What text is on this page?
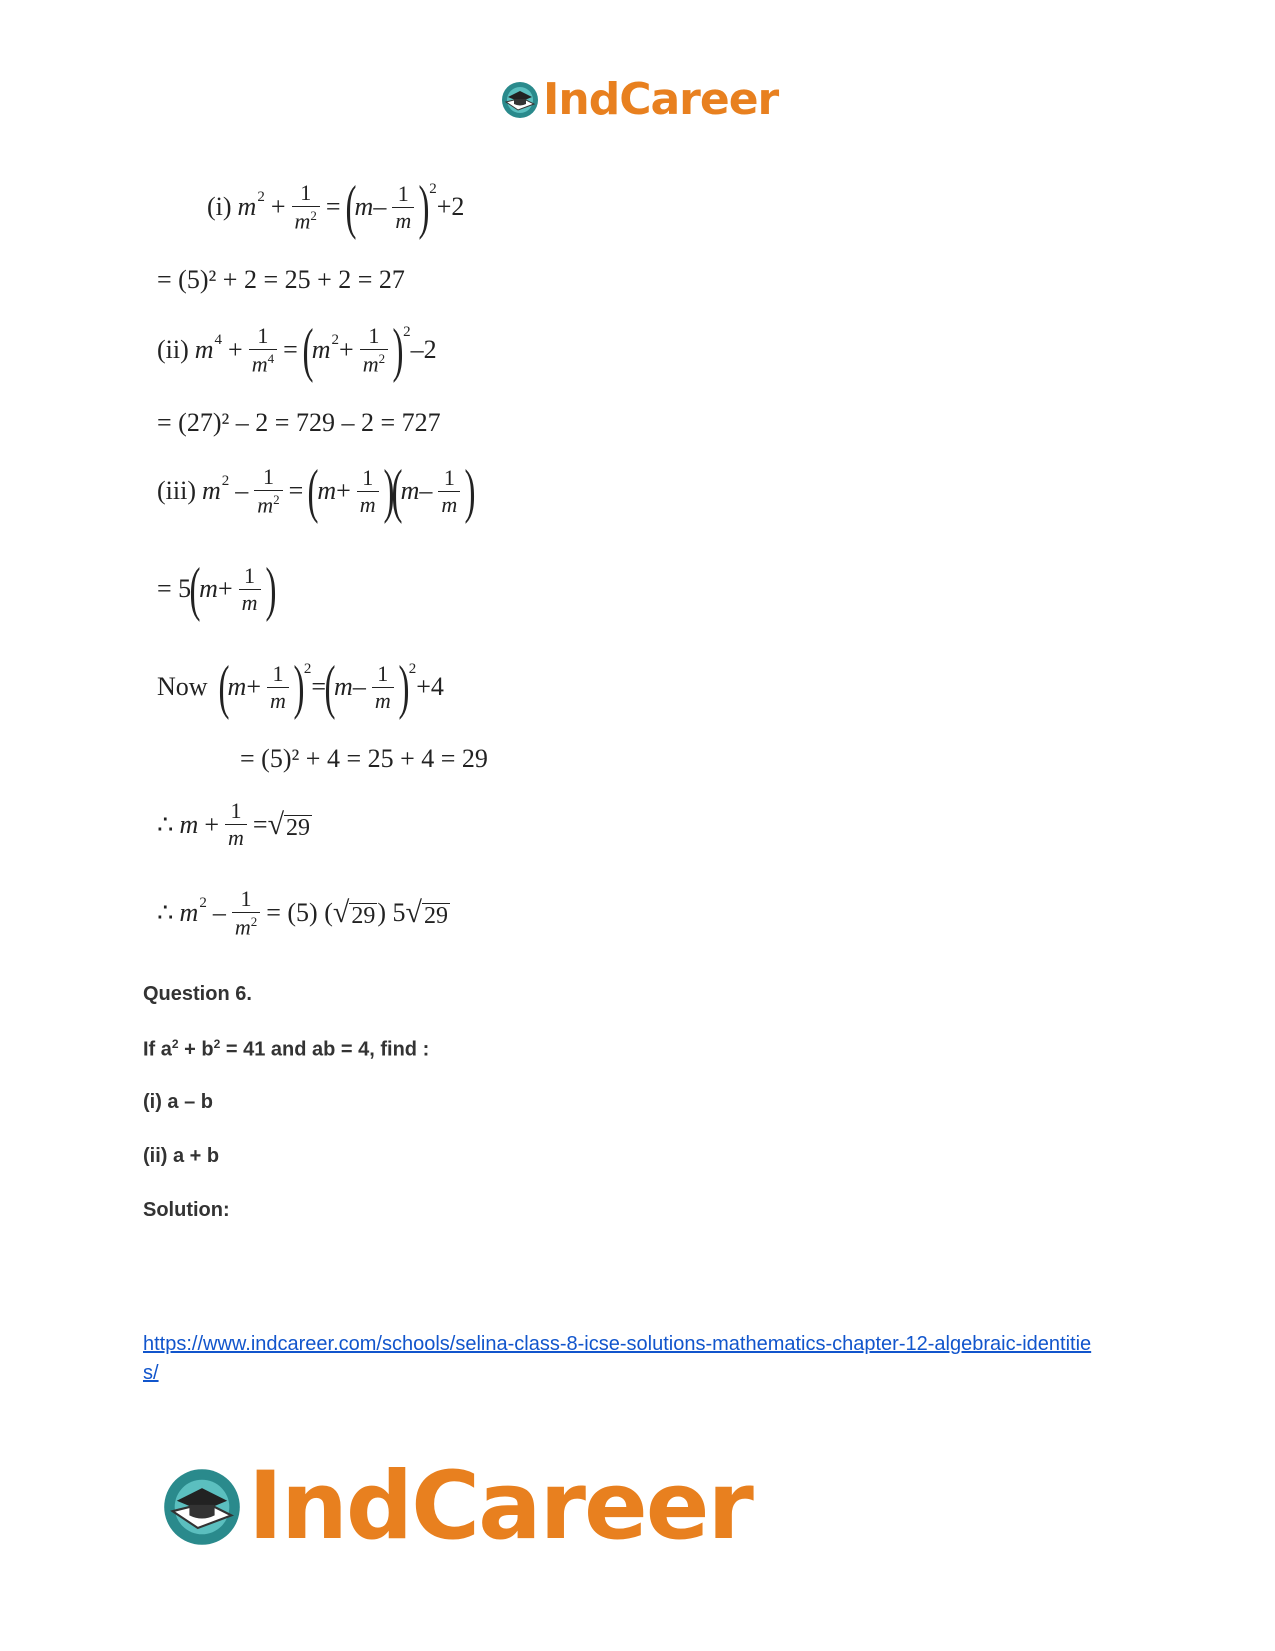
IndCareer
(i) m $2 + \frac{1}{m^2}$ = (
m – $\frac{1}{m}$ ) 2
+2
= (5)² + 2 = 25 + 2 = 27
(ii) m $4 + \frac{1}{m^4}$ = (
m $2 + \frac{1}{m^2}$ ) 2
–2
= (27)² – 2 = 729 – 2 = 727
(iii) m $2 - \frac{1}{m^2}$ = (
$m + \frac{1}{m}$ )
(
m – $\frac{1}{m}$ )
= 5
(
$m + \frac{1}{m}$ )
Now (
$m + \frac{1}{m}$ ) 2
=
(
m – $\frac{1}{m}$ ) 2
+4
= (5)² + 4 = 25 + 4 = 29
∴ $m + \frac{1}{m}$ = √ 29
∴ m $2 - \frac{1}{m^2} = (5)$ ( √ 29 ) 5 √ 29
Question 6.
If $a^2 + b^2 = 41$ and ab = 4, find :
(i) a – b
(ii) a + b
Solution:
https://www.indcareer.com/schools/selina-class-8-icse-solutions-mathematics-chapter-12-algebraic-identities/
IndCareer
